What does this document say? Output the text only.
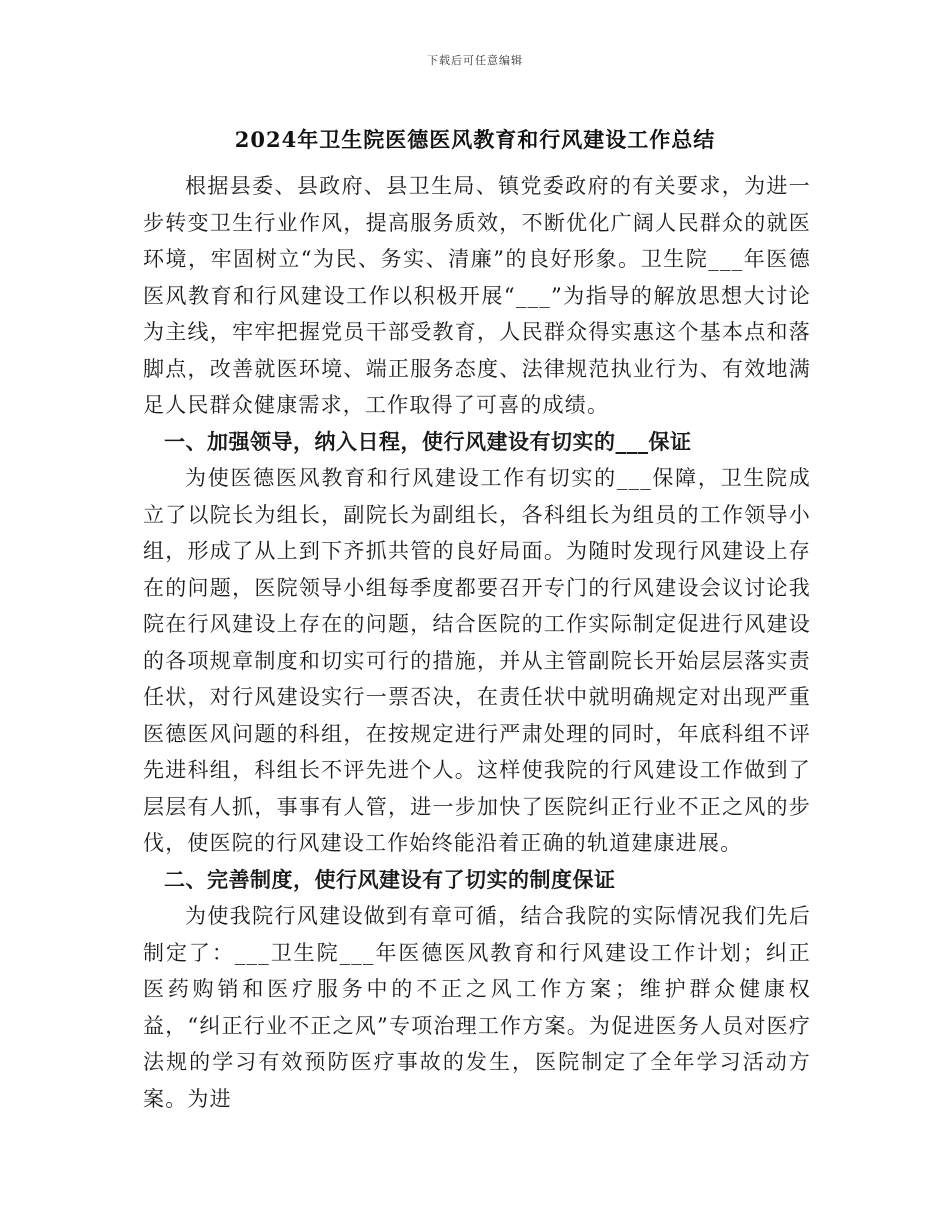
下载后可任意编辑
2024年卫生院医德医风教育和行风建设工作总结

根据县委、县政府、县卫生局、镇党委政府的有关要求，为进一步转变卫生行业作风，提高服务质效，不断优化广阔人民群众的就医环境，牢固树立“为民、务实、清廉”的良好形象。卫生院___年医德医风教育和行风建设工作以积极开展“___”为指导的解放思想大讨论为主线，牢牢把握党员干部受教育，人民群众得实惠这个基本点和落脚点，改善就医环境、端正服务态度、法律规范执业行为、有效地满足人民群众健康需求，工作取得了可喜的成绩。

一、加强领导，纳入日程，使行风建设有切实的___保证

为使医德医风教育和行风建设工作有切实的___保障，卫生院成立了以院长为组长，副院长为副组长，各科组长为组员的工作领导小组，形成了从上到下齐抓共管的良好局面。为随时发现行风建设上存在的问题，医院领导小组每季度都要召开专门的行风建设会议讨论我院在行风建设上存在的问题，结合医院的工作实际制定促进行风建设的各项规章制度和切实可行的措施，并从主管副院长开始层层落实责任状，对行风建设实行一票否决，在责任状中就明确规定对出现严重医德医风问题的科组，在按规定进行严肃处理的同时，年底科组不评先进科组，科组长不评先进个人。这样使我院的行风建设工作做到了层层有人抓，事事有人管，进一步加快了医院纠正行业不正之风的步伐，使医院的行风建设工作始终能沿着正确的轨道建康进展。

二、完善制度，使行风建设有了切实的制度保证

为使我院行风建设做到有章可循，结合我院的实际情况我们先后制定了：___卫生院___年医德医风教育和行风建设工作计划；纠正医药购销和医疗服务中的不正之风工作方案；维护群众健康权益，“纠正行业不正之风”专项治理工作方案。为促进医务人员对医疗法规的学习有效预防医疗事故的发生，医院制定了全年学习活动方案。为进
